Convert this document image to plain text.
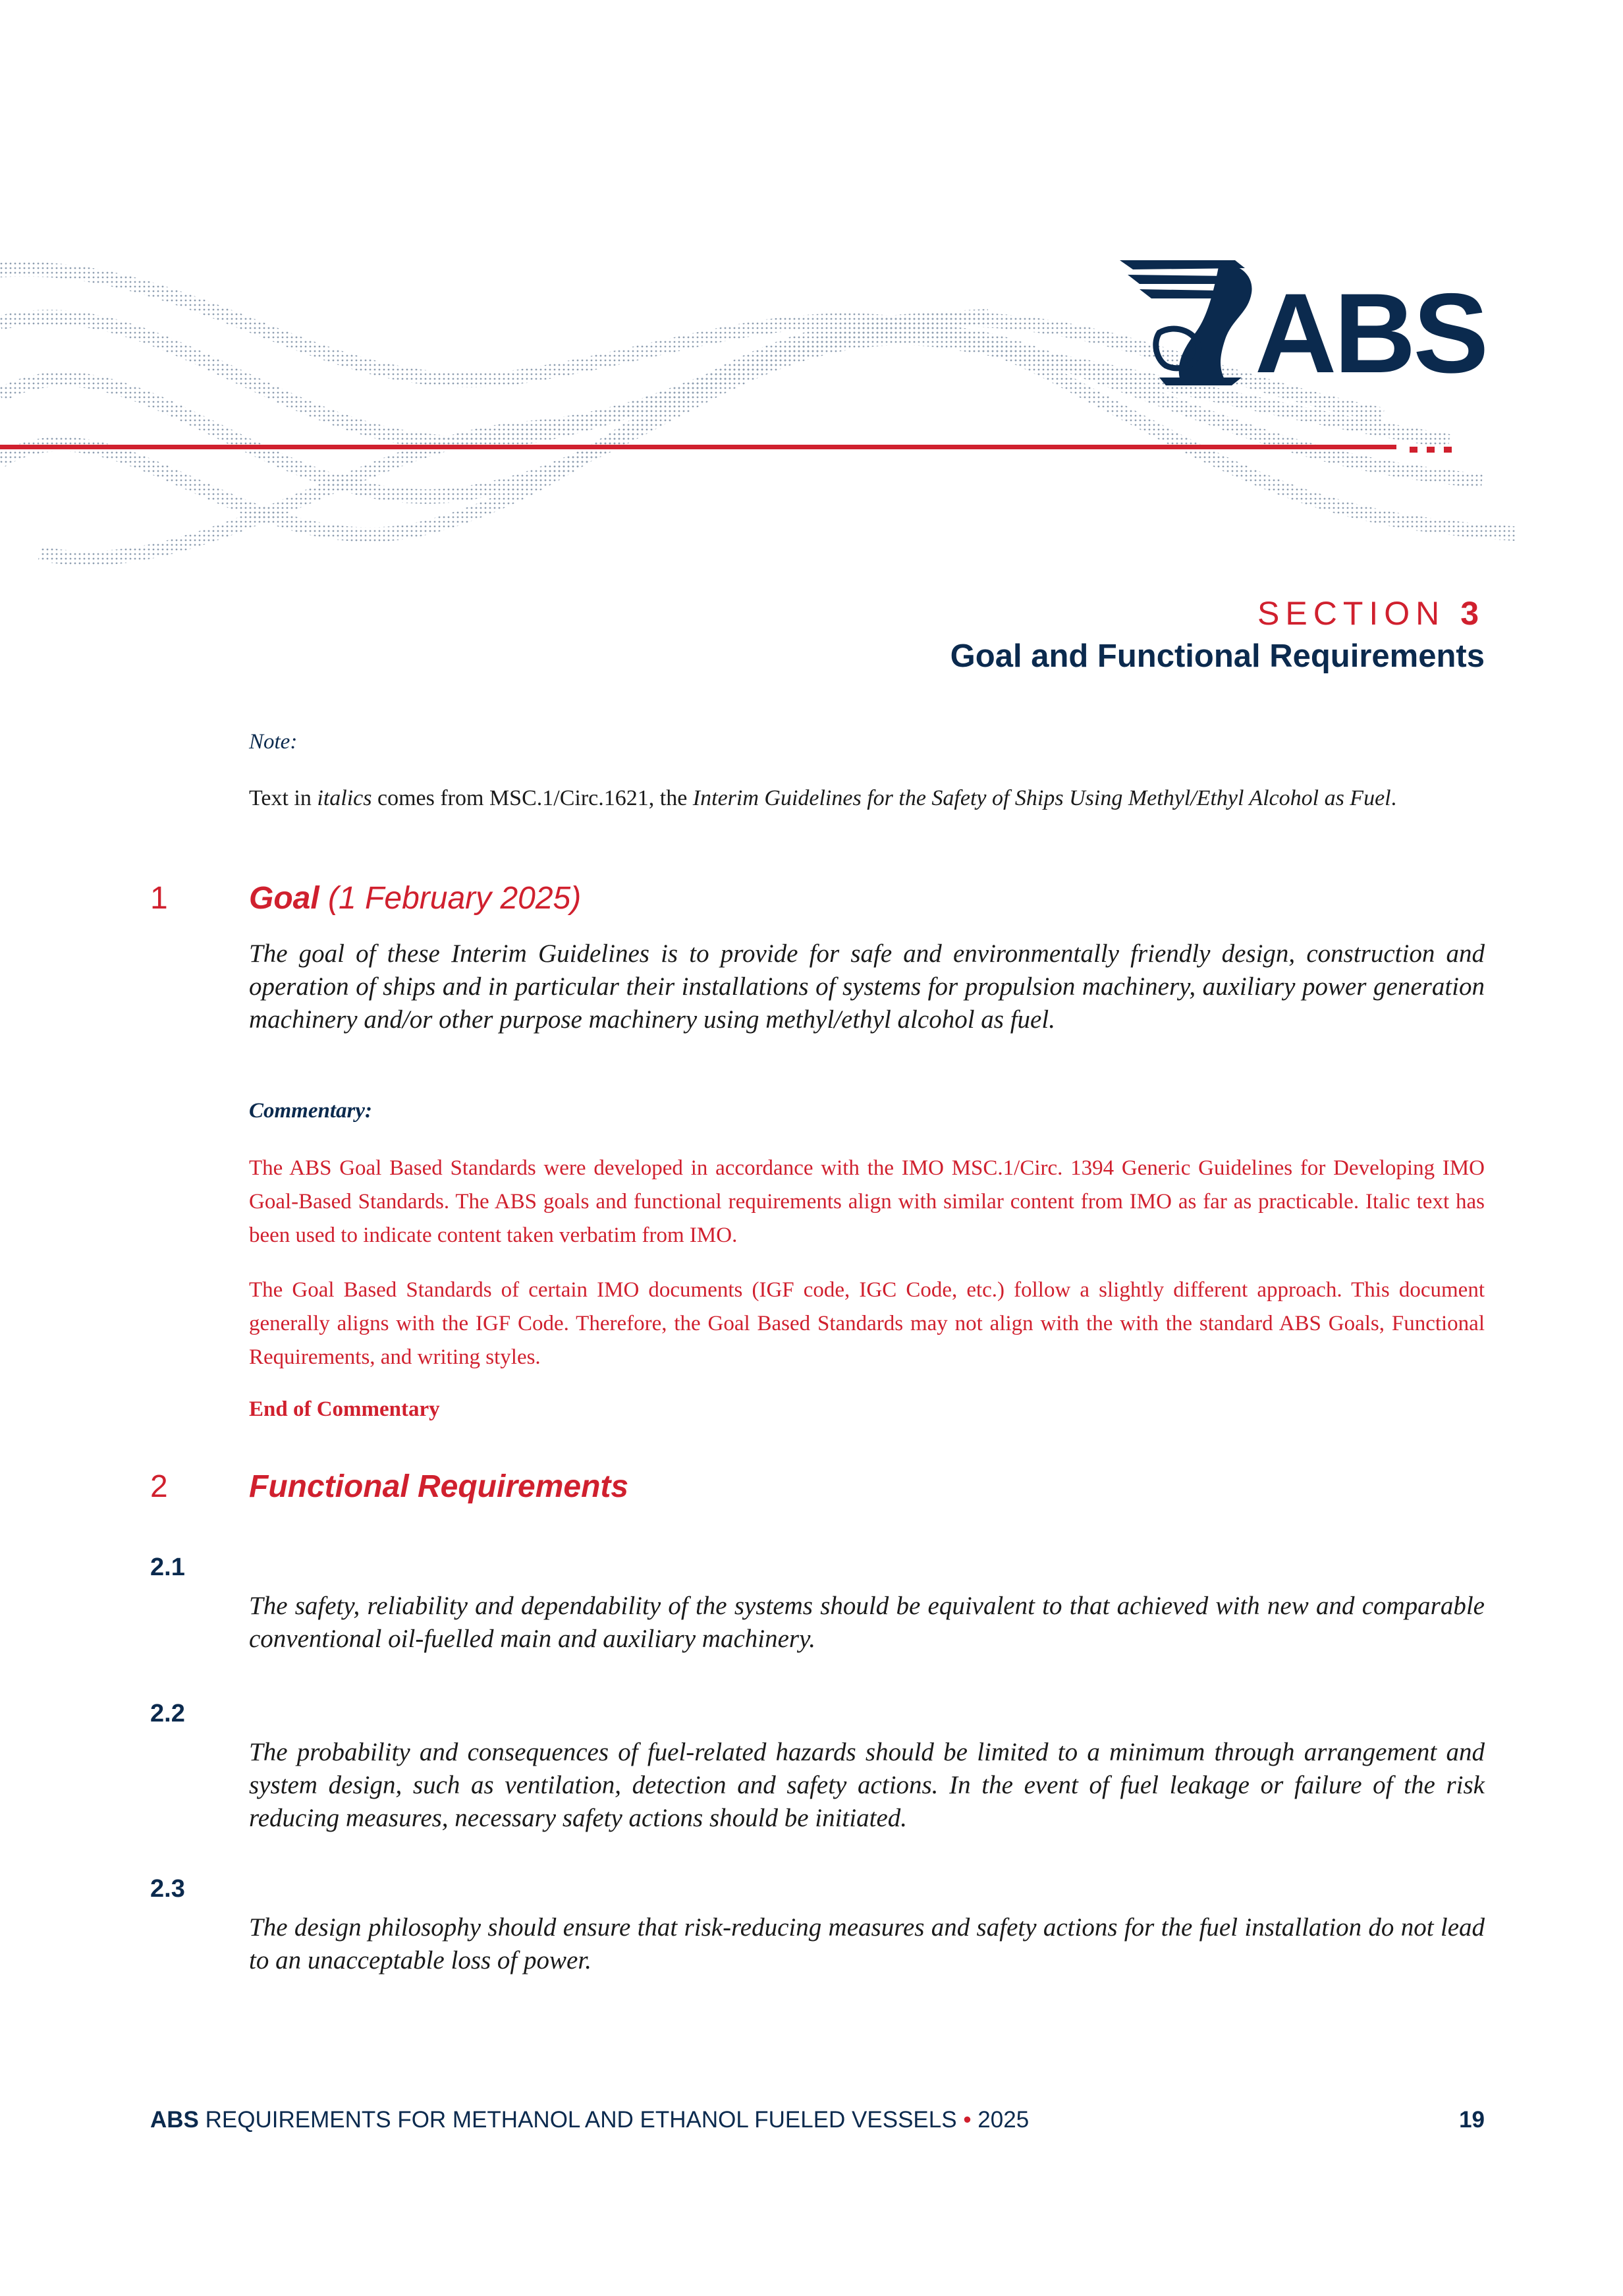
ABS
SECTION 3
Goal and Functional Requirements
Note:
Text in italics comes from MSC.1/Circ.1621, the Interim Guidelines for the Safety of Ships Using Methyl/Ethyl Alcohol as Fuel.
1	Goal (1 February 2025)
The goal of these Interim Guidelines is to provide for safe and environmentally friendly design, construction and operation of ships and in particular their installations of systems for propulsion machinery, auxiliary power generation machinery and/or other purpose machinery using methyl/ethyl alcohol as fuel.
Commentary:
The ABS Goal Based Standards were developed in accordance with the IMO MSC.1/Circ. 1394 Generic Guidelines for Developing IMO Goal-Based Standards. The ABS goals and functional requirements align with similar content from IMO as far as practicable. Italic text has been used to indicate content taken verbatim from IMO.
The Goal Based Standards of certain IMO documents (IGF code, IGC Code, etc.) follow a slightly different approach. This document generally aligns with the IGF Code. Therefore, the Goal Based Standards may not align with the with the standard ABS Goals, Functional Requirements, and writing styles.
End of Commentary
2	Functional Requirements
2.1
The safety, reliability and dependability of the systems should be equivalent to that achieved with new and comparable conventional oil-fuelled main and auxiliary machinery.
2.2
The probability and consequences of fuel-related hazards should be limited to a minimum through arrangement and system design, such as ventilation, detection and safety actions. In the event of fuel leakage or failure of the risk reducing measures, necessary safety actions should be initiated.
2.3
The design philosophy should ensure that risk-reducing measures and safety actions for the fuel installation do not lead to an unacceptable loss of power.
ABS REQUIREMENTS FOR METHANOL AND ETHANOL FUELED VESSELS • 2025	19
